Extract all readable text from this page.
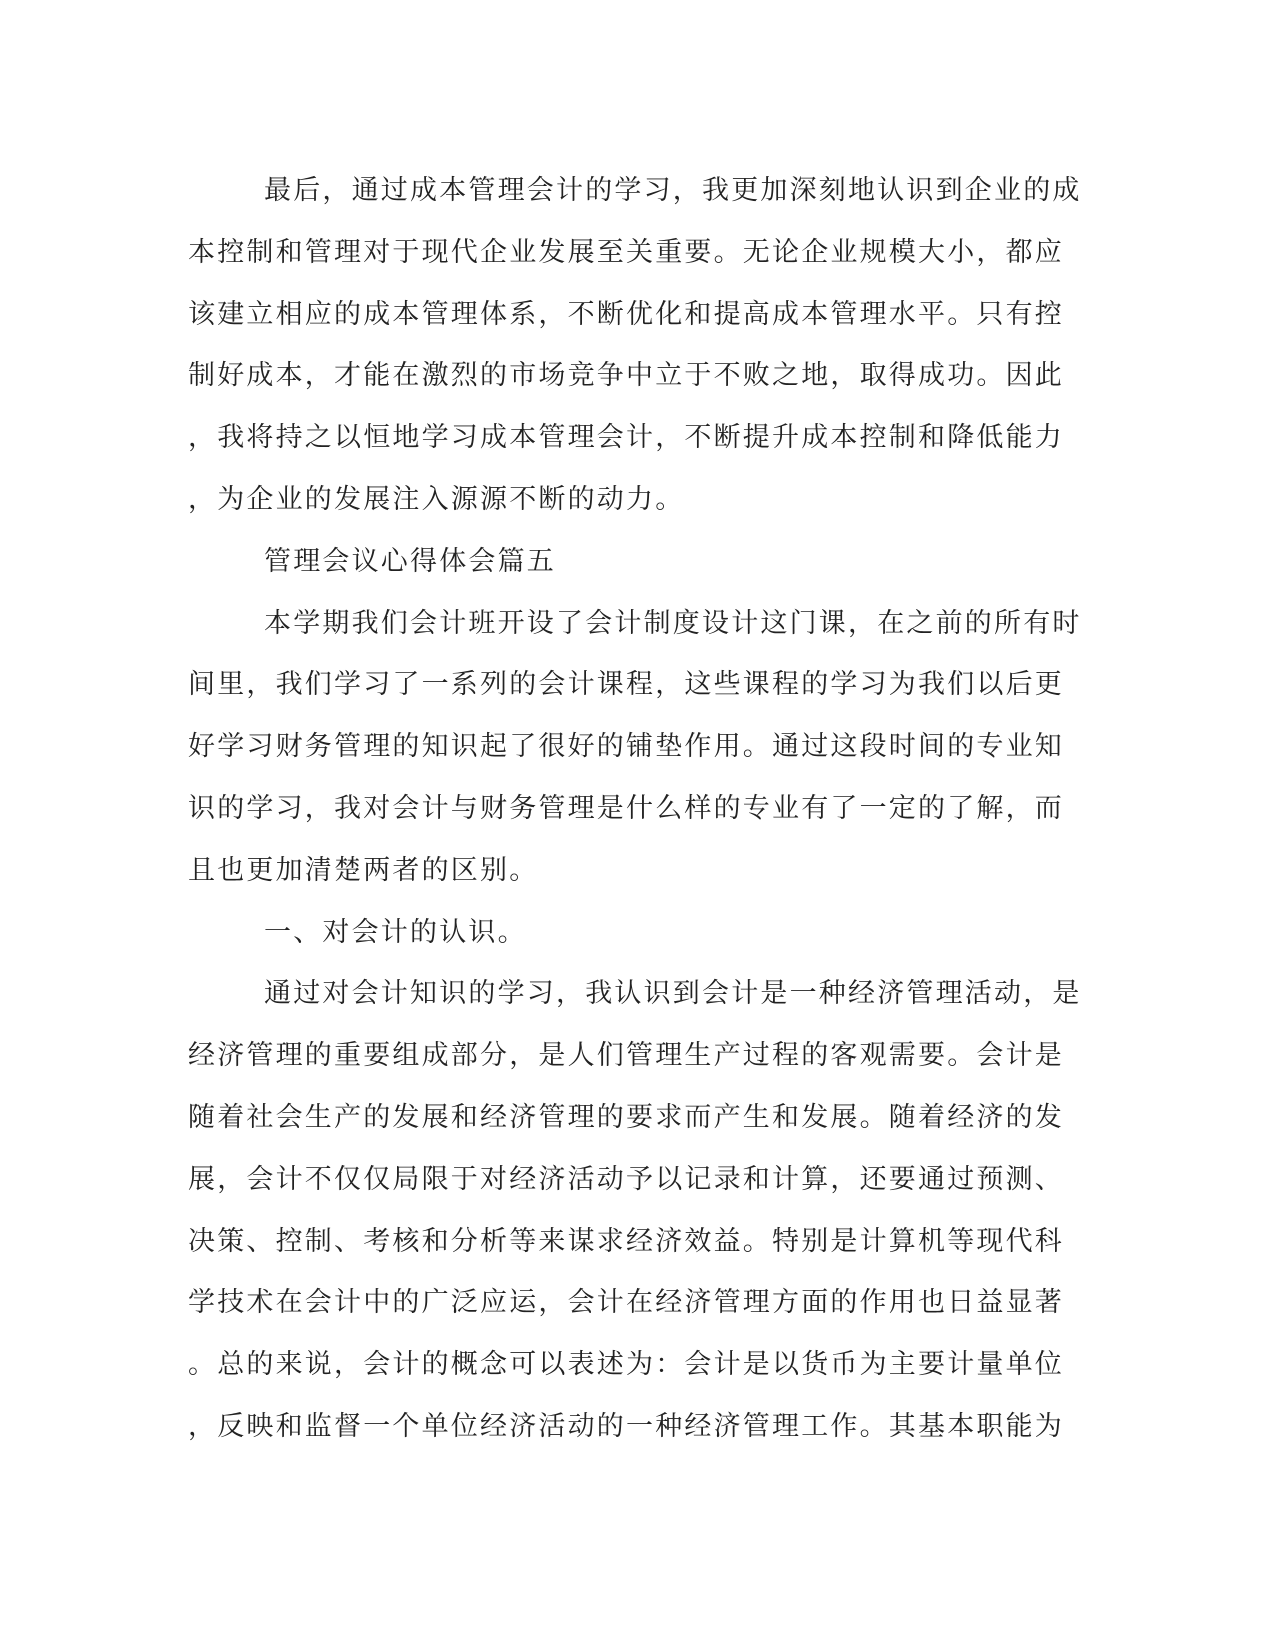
最后，通过成本管理会计的学习，我更加深刻地认识到企业的成
本控制和管理对于现代企业发展至关重要。无论企业规模大小，都应
该建立相应的成本管理体系，不断优化和提高成本管理水平。只有控
制好成本，才能在激烈的市场竞争中立于不败之地，取得成功。因此
，我将持之以恒地学习成本管理会计，不断提升成本控制和降低能力
，为企业的发展注入源源不断的动力。
管理会议心得体会篇五
本学期我们会计班开设了会计制度设计这门课，在之前的所有时
间里，我们学习了一系列的会计课程，这些课程的学习为我们以后更
好学习财务管理的知识起了很好的铺垫作用。通过这段时间的专业知
识的学习，我对会计与财务管理是什么样的专业有了一定的了解，而
且也更加清楚两者的区别。
一、对会计的认识。
通过对会计知识的学习，我认识到会计是一种经济管理活动，是
经济管理的重要组成部分，是人们管理生产过程的客观需要。会计是
随着社会生产的发展和经济管理的要求而产生和发展。随着经济的发
展，会计不仅仅局限于对经济活动予以记录和计算，还要通过预测、
决策、控制、考核和分析等来谋求经济效益。特别是计算机等现代科
学技术在会计中的广泛应运，会计在经济管理方面的作用也日益显著
。总的来说，会计的概念可以表述为：会计是以货币为主要计量单位
，反映和监督一个单位经济活动的一种经济管理工作。其基本职能为
